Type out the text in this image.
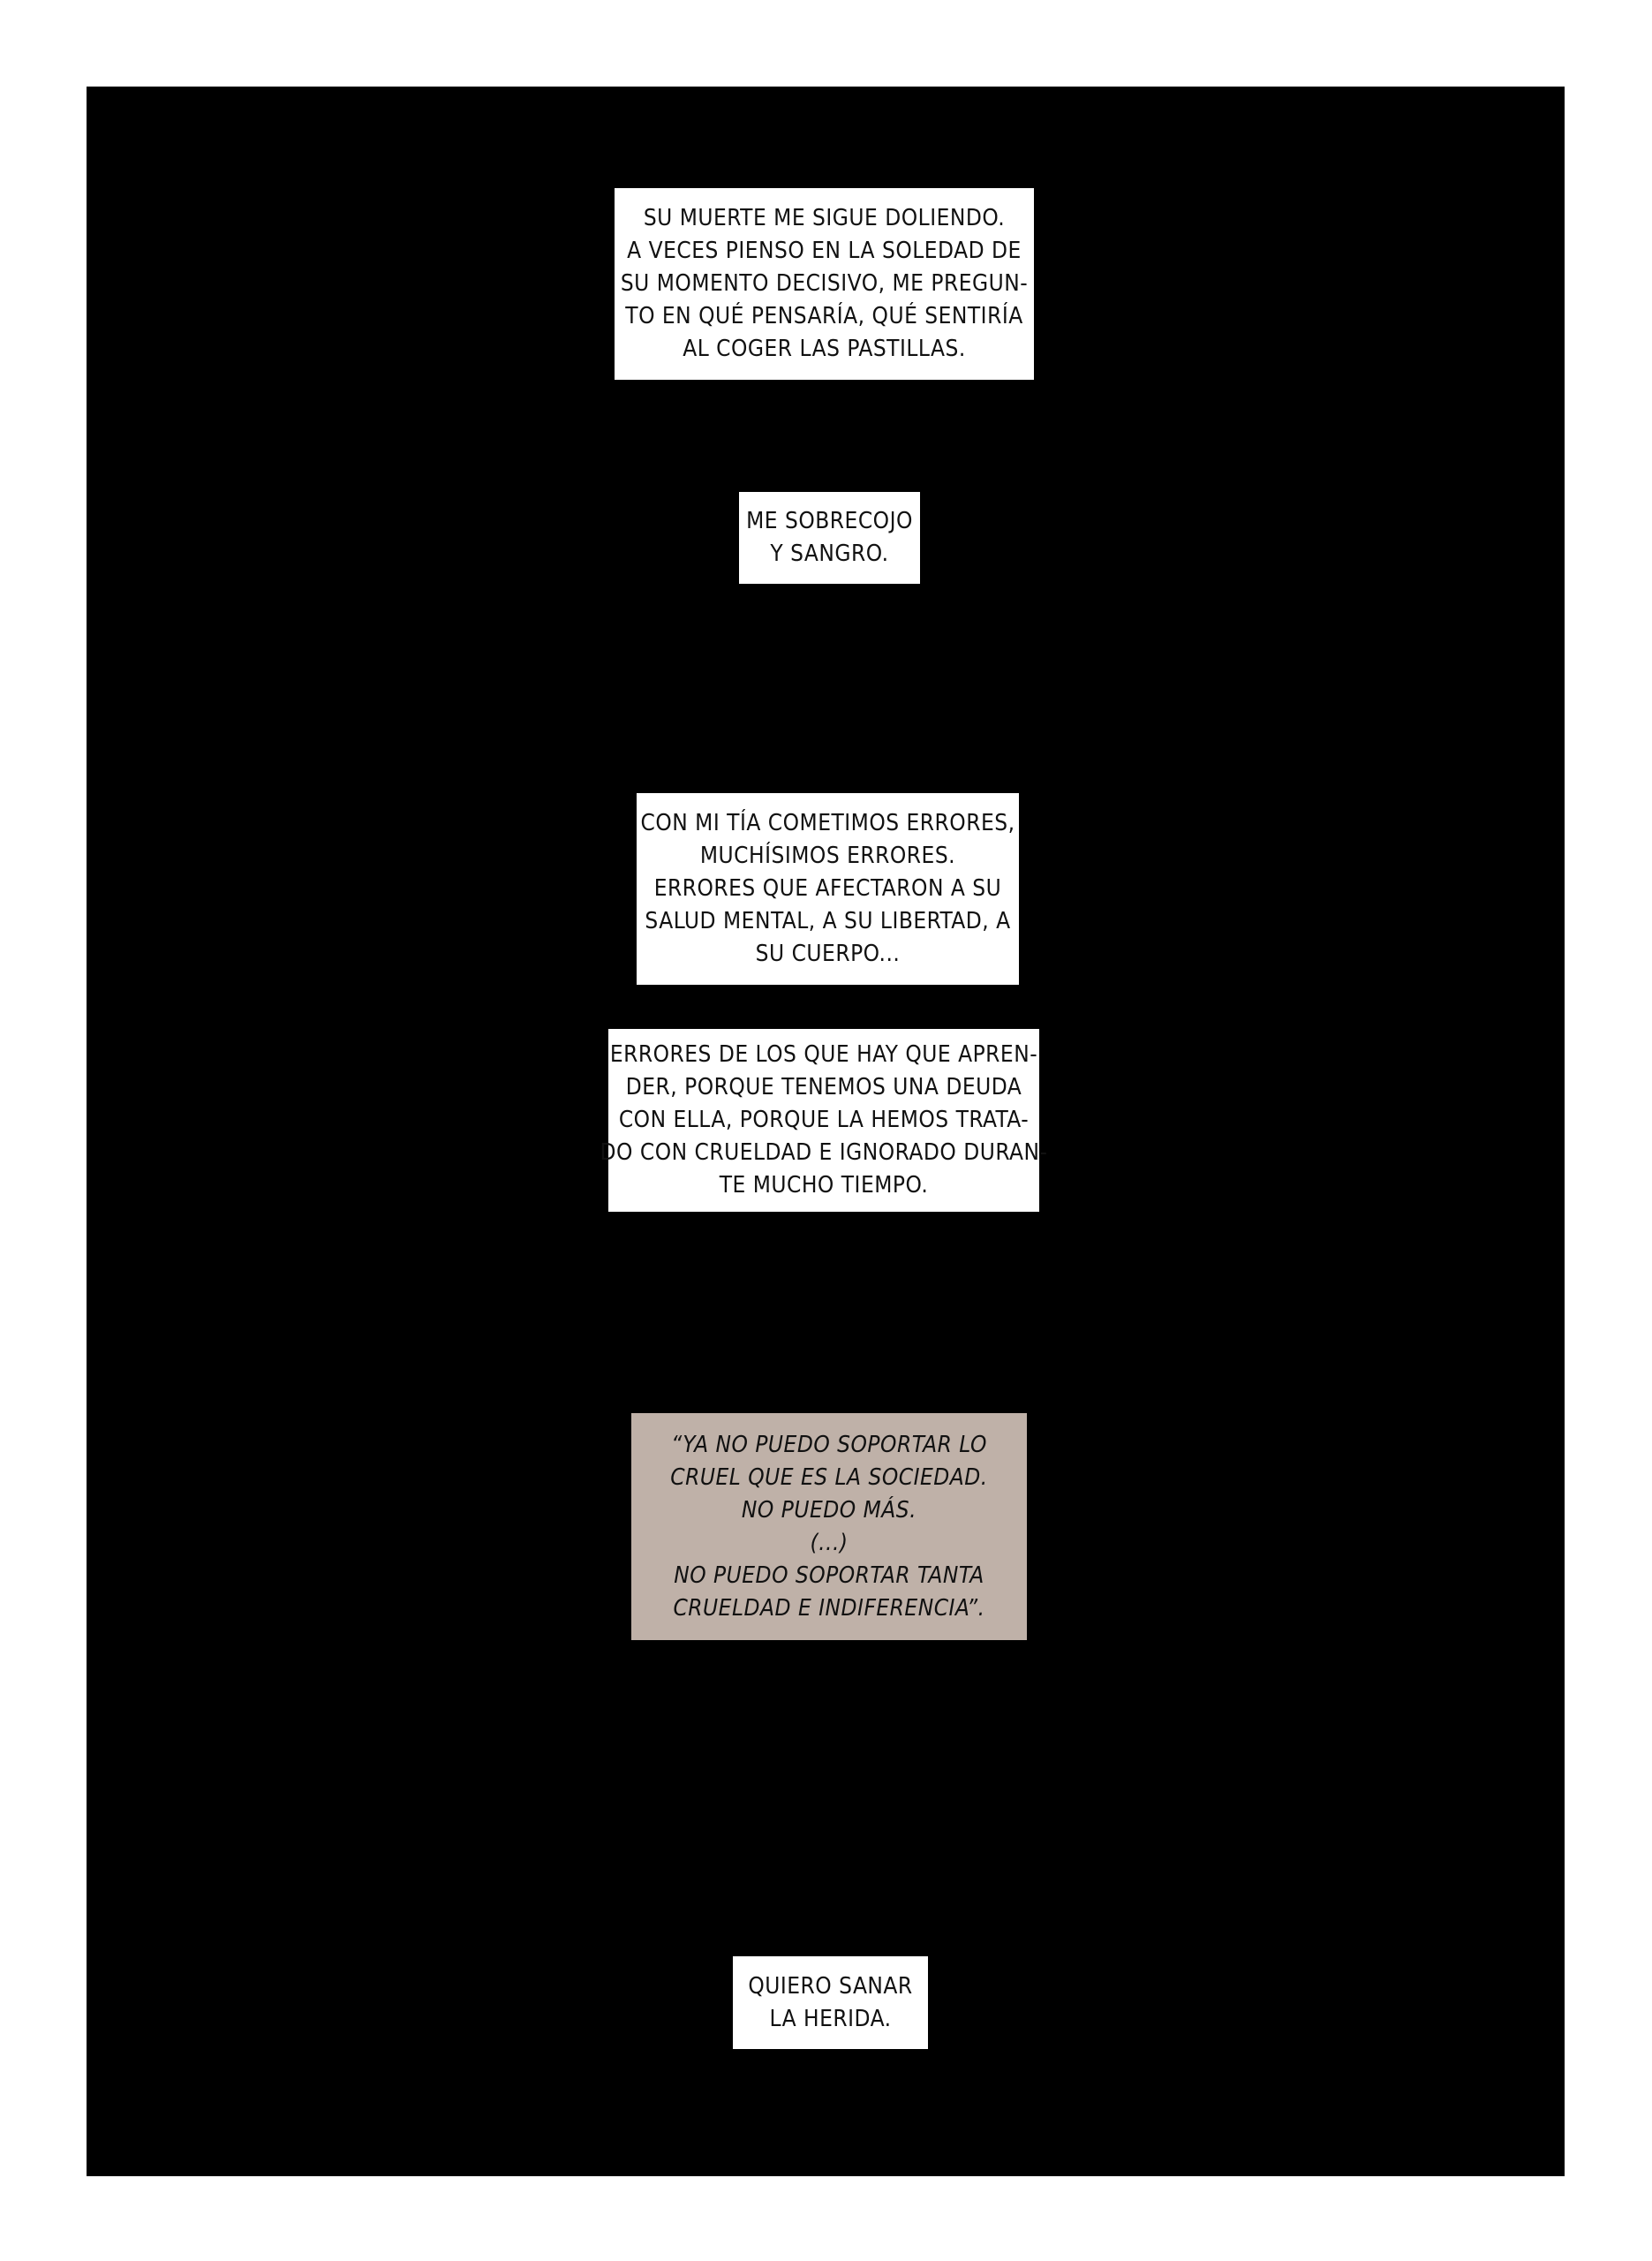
SU MUERTE ME SIGUE DOLIENDO.
A VECES PIENSO EN LA SOLEDAD DE
SU MOMENTO DECISIVO, ME PREGUN-
TO EN QUÉ PENSARÍA, QUÉ SENTIRÍA
AL COGER LAS PASTILLAS.
ME SOBRECOJO
Y SANGRO.
CON MI TÍA COMETIMOS ERRORES,
MUCHÍSIMOS ERRORES.
ERRORES QUE AFECTARON A SU
SALUD MENTAL, A SU LIBERTAD, A
SU CUERPO...
ERRORES DE LOS QUE HAY QUE APREN-
DER, PORQUE TENEMOS UNA DEUDA
CON ELLA, PORQUE LA HEMOS TRATA-
DO CON CRUELDAD E IGNORADO DURAN-
TE MUCHO TIEMPO.
“YA NO PUEDO SOPORTAR LO
CRUEL QUE ES LA SOCIEDAD.
NO PUEDO MÁS.
(...)
NO PUEDO SOPORTAR TANTA
CRUELDAD E INDIFERENCIA”.
QUIERO SANAR
LA HERIDA.
